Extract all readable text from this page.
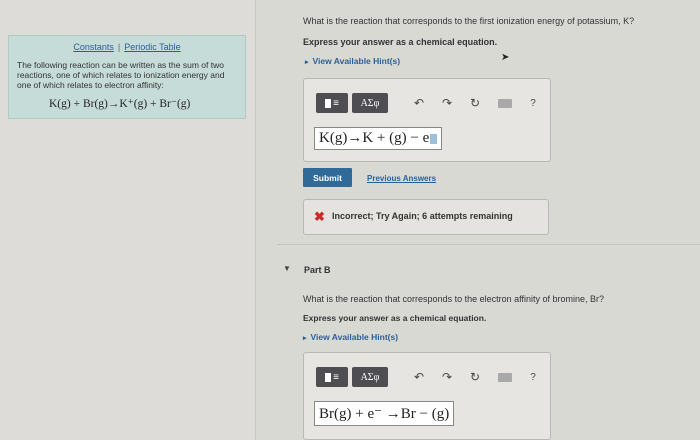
Constants | Periodic Table
The following reaction can be written as the sum of two reactions, one of which relates to ionization energy and one of which relates to electron affinity:
K(g) + Br(g)→K⁺(g) + Br⁻(g)
What is the reaction that corresponds to the first ionization energy of potassium, K?
Express your answer as a chemical equation.
▸ View Available Hint(s)	➤
≡	ΑΣφ	↶ ↷ ↻	?
K(g)→K + (g) − e
Submit	Previous Answers
✖ Incorrect; Try Again; 6 attempts remaining
▼ Part B
What is the reaction that corresponds to the electron affinity of bromine, Br?
Express your answer as a chemical equation.
▸ View Available Hint(s)
≡	ΑΣφ	↶ ↷ ↻	?
Br(g) + e⁻ →Br − (g)
